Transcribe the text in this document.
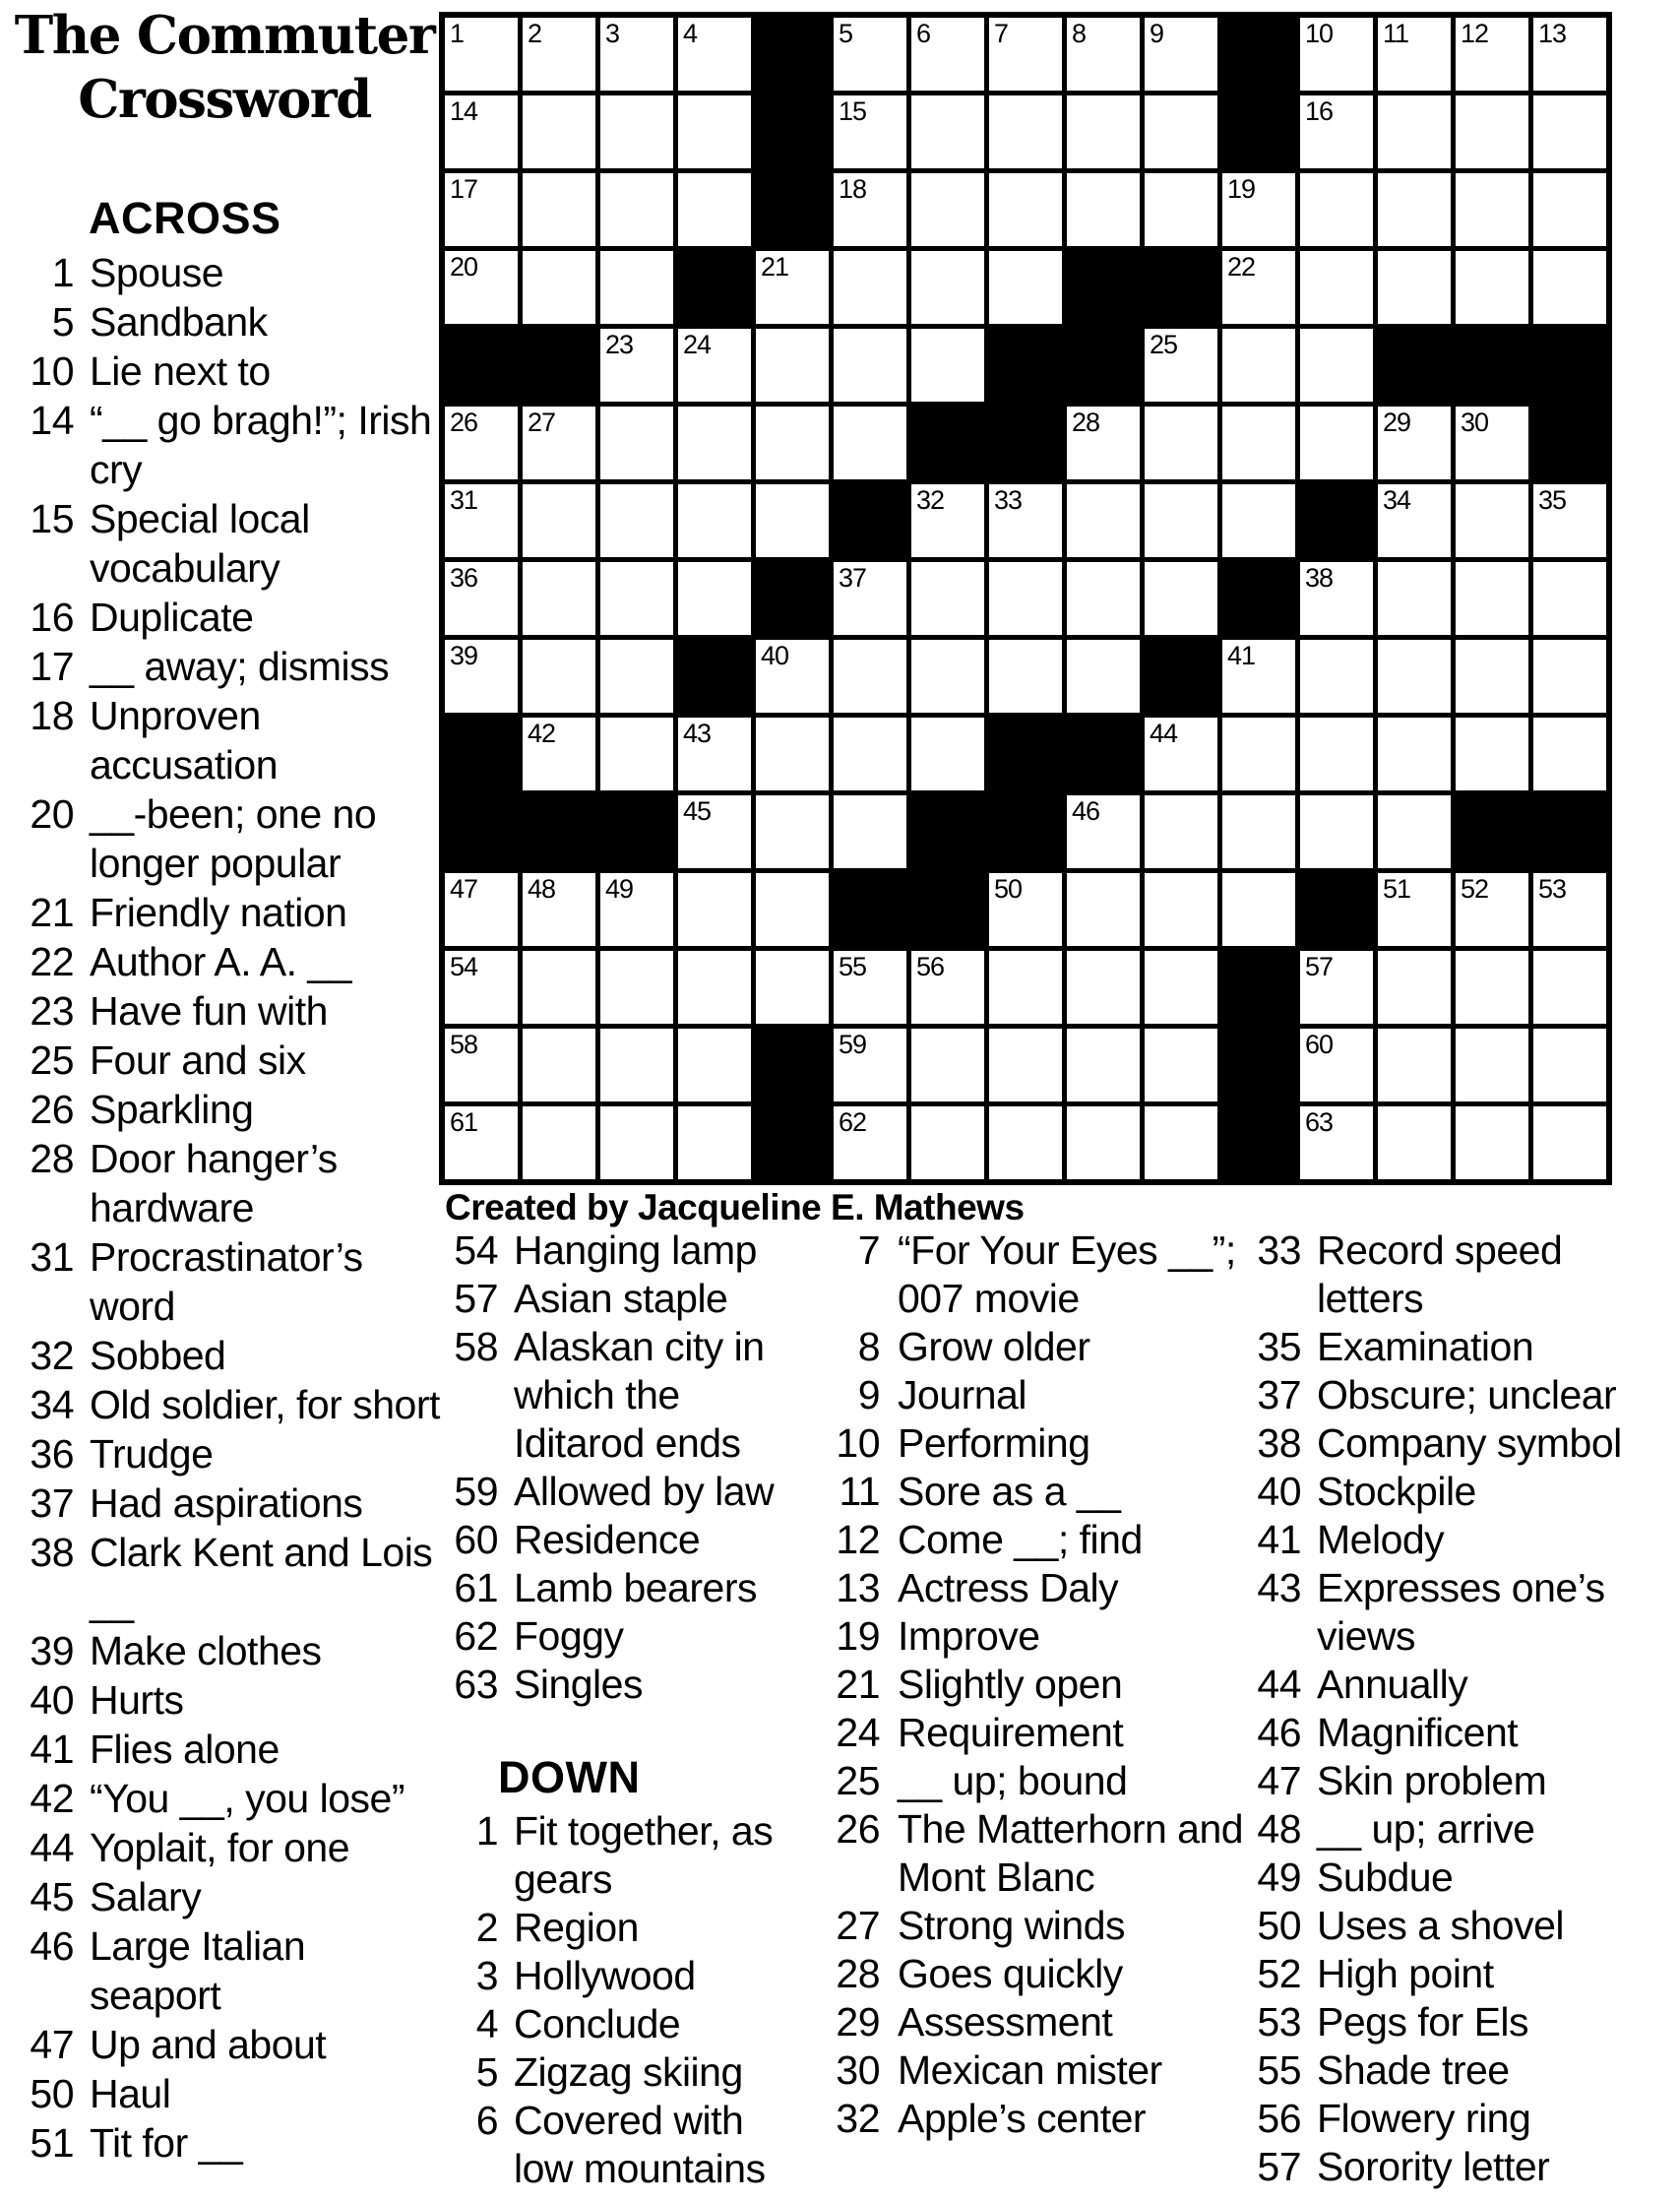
The Commuter Crossword
1 2 3 4	5 6 7 8 9	10 11 12 13
14	15	16
17	18	19
20	21	22
23 24	25
26 27	28	29 30
31	32 33	34	35
36	37	38
39	40	41
42	43	44
45	46
47 48 49	50	51 52 53
54	55 56	57
58	59	60
61	62	63
Created by Jacqueline E. Mathews
ACROSS
1 Spouse
5 Sandbank
10 Lie next to
14 “__ go bragh!”; Irish cry
15 Special local vocabulary
16 Duplicate
17 __ away; dismiss
18 Unproven accusation
20 __-been; one no longer popular
21 Friendly nation
22 Author A. A. __
23 Have fun with
25 Four and six
26 Sparkling
28 Door hanger’s hardware
31 Procrastinator’s word
32 Sobbed
34 Old soldier, for short
36 Trudge
37 Had aspirations
38 Clark Kent and Lois __
39 Make clothes
40 Hurts
41 Flies alone
42 “You __, you lose”
44 Yoplait, for one
45 Salary
46 Large Italian seaport
47 Up and about
50 Haul
51 Tit for __
54 Hanging lamp
57 Asian staple
58 Alaskan city in which the Iditarod ends
59 Allowed by law
60 Residence
61 Lamb bearers
62 Foggy
63 Singles
DOWN
1 Fit together, as gears
2 Region
3 Hollywood
4 Conclude
5 Zigzag skiing
6 Covered with low mountains
7 “For Your Eyes __”; 007 movie
8 Grow older
9 Journal
10 Performing
11 Sore as a __
12 Come __; find
13 Actress Daly
19 Improve
21 Slightly open
24 Requirement
25 __ up; bound
26 The Matterhorn and Mont Blanc
27 Strong winds
28 Goes quickly
29 Assessment
30 Mexican mister
32 Apple’s center
33 Record speed letters
35 Examination
37 Obscure; unclear
38 Company symbol
40 Stockpile
41 Melody
43 Expresses one’s views
44 Annually
46 Magnificent
47 Skin problem
48 __ up; arrive
49 Subdue
50 Uses a shovel
52 High point
53 Pegs for Els
55 Shade tree
56 Flowery ring
57 Sorority letter
